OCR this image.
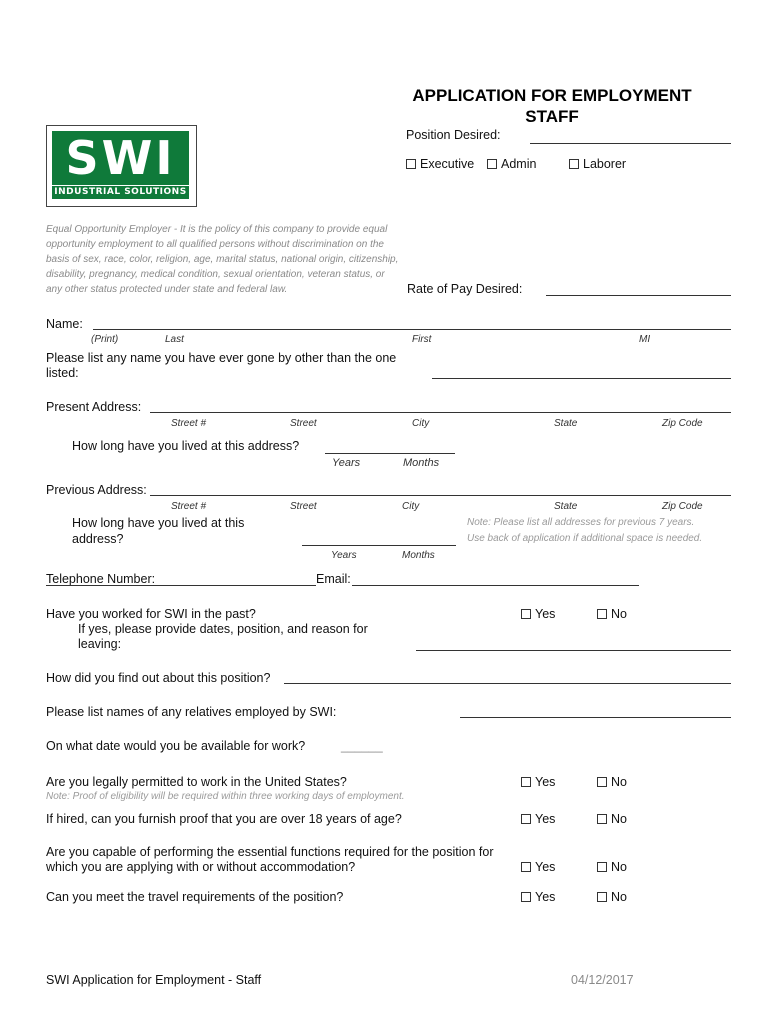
APPLICATION FOR EMPLOYMENT
STAFF
SWI
INDUSTRIAL SOLUTIONS
Position Desired:
Executive	Admin	Laborer
Equal Opportunity Employer - It is the policy of this company to provide equal opportunity employment to all qualified persons without discrimination on the basis of sex, race, color, religion, age, marital status, national origin, citizenship, disability, pregnancy, medical condition, sexual orientation, veteran status, or any other status protected under state and federal law.	Rate of Pay Desired:
Name:
(Print)	Last	First	MI
Please list any name you have ever gone by other than the one
listed:
Present Address:
Street #	Street	City	State	Zip Code
How long have you lived at this address?
Years	Months
Previous Address:
Street #	Street	City	State	Zip Code
How long have you lived at this
address?
Years	Months
Note: Please list all addresses for previous 7 years.
Use back of application if additional space is needed.
Telephone Number:	Email:
Have you worked for SWI in the past?	Yes	No
If yes, please provide dates, position, and reason for
leaving:
How did you find out about this position?
Please list names of any relatives employed by SWI:
On what date would you be available for work?	______
Are you legally permitted to work in the United States?
Note: Proof of eligibility will be required within three working days of employment.
Yes	No
If hired, can you furnish proof that you are over 18 years of age?	Yes	No
Are you capable of performing the essential functions required for the position for
which you are applying with or without accommodation?	Yes	No
Can you meet the travel requirements of the position?	Yes	No
SWI Application for Employment - Staff	04/12/2017
